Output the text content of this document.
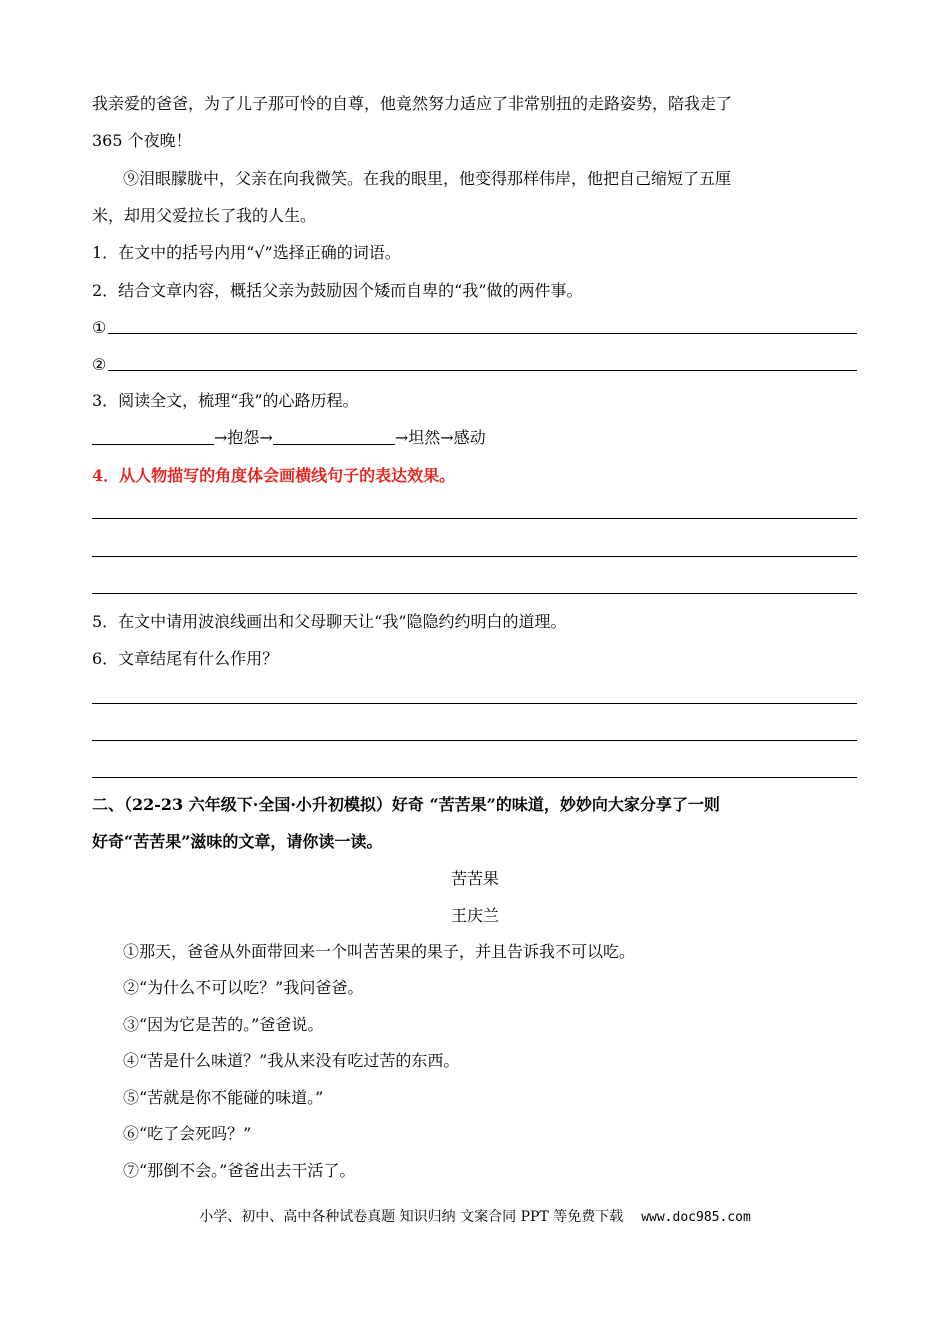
我亲爱的爸爸，为了儿子那可怜的自尊，他竟然努力适应了非常别扭的走路姿势，陪我走了
365 个夜晚！
⑨泪眼朦胧中，父亲在向我微笑。在我的眼里，他变得那样伟岸，他把自己缩短了五厘
米，却用父爱拉长了我的人生。
1．在文中的括号内用“√”选择正确的词语。
2．结合文章内容，概括父亲为鼓励因个矮而自卑的“我”做的两件事。
①
②
3．阅读全文，梳理“我”的心路历程。
→抱怨→	→坦然→感动
4．从人物描写的角度体会画横线句子的表达效果。
5．在文中请用波浪线画出和父母聊天让“我”隐隐约约明白的道理。
6．文章结尾有什么作用？
二、（22-23 六年级下·全国·小升初模拟）好奇 “苦苦果”的味道，妙妙向大家分享了一则
好奇“苦苦果”滋味的文章，请你读一读。
苦苦果
王庆兰
①那天，爸爸从外面带回来一个叫苦苦果的果子，并且告诉我不可以吃。
②“为什么不可以吃？”我问爸爸。
③“因为它是苦的。”爸爸说。
④“苦是什么味道？”我从来没有吃过苦的东西。
⑤“苦就是你不能碰的味道。”
⑥“吃了会死吗？”
⑦“那倒不会。”爸爸出去干活了。
小学、初中、高中各种试卷真题 知识归纳 文案合同 PPT 等免费下载 www.doc985.com
